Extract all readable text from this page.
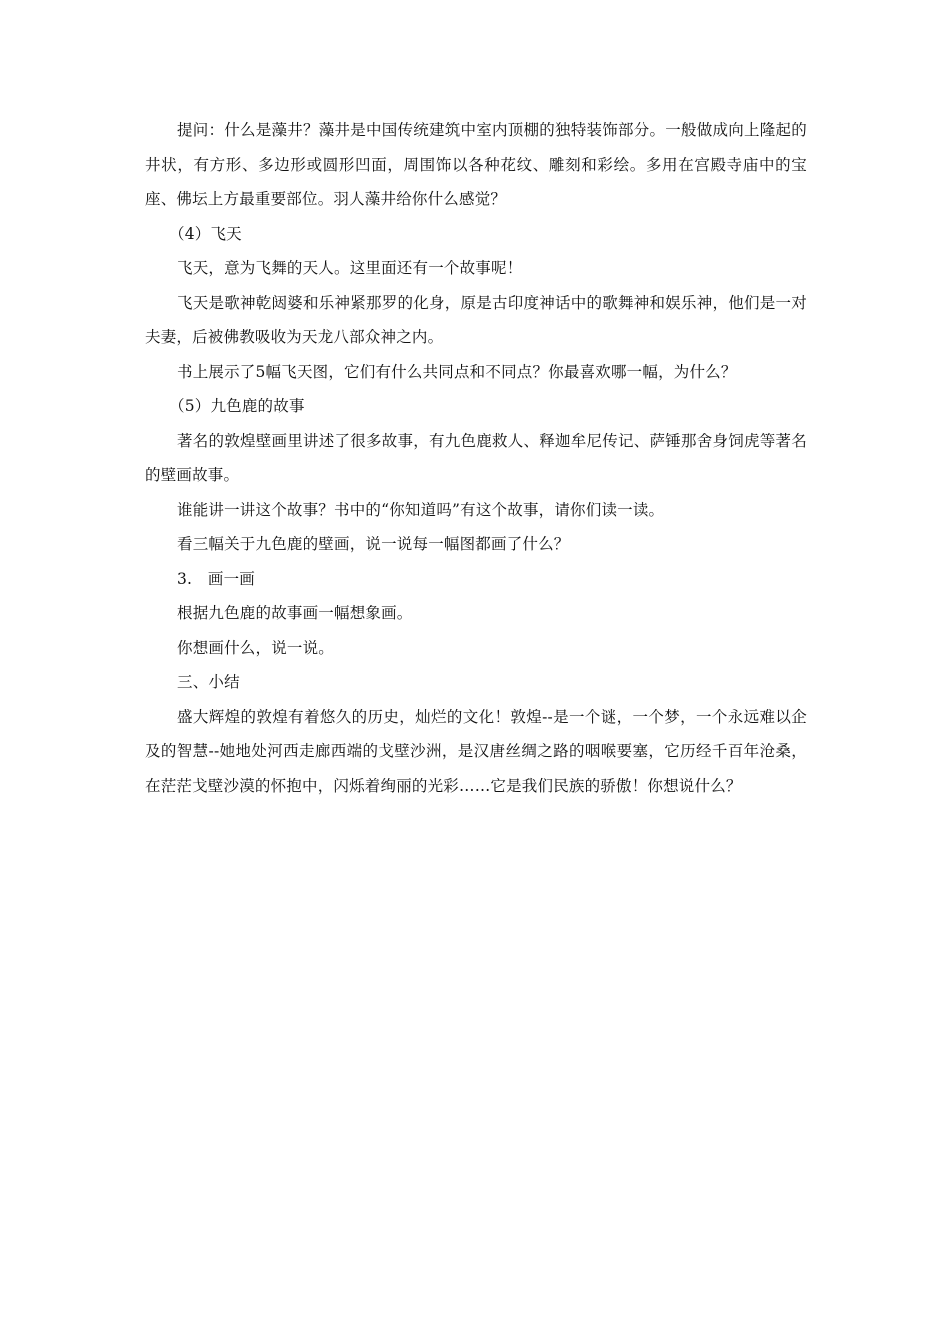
提问：什么是藻井？藻井是中国传统建筑中室内顶棚的独特装饰部分。一般做成向上隆起的井状，有方形、多边形或圆形凹面，周围饰以各种花纹、雕刻和彩绘。多用在宫殿寺庙中的宝座、佛坛上方最重要部位。羽人藻井给你什么感觉？

（4）飞天

飞天，意为飞舞的天人。这里面还有一个故事呢！

飞天是歌神乾闼婆和乐神紧那罗的化身，原是古印度神话中的歌舞神和娱乐神，他们是一对夫妻，后被佛教吸收为天龙八部众神之内。

书上展示了5幅飞天图，它们有什么共同点和不同点？你最喜欢哪一幅，为什么？

（5）九色鹿的故事

著名的敦煌壁画里讲述了很多故事，有九色鹿救人、释迦牟尼传记、萨锤那舍身饲虎等著名的壁画故事。

谁能讲一讲这个故事？书中的“你知道吗”有这个故事，请你们读一读。

看三幅关于九色鹿的壁画，说一说每一幅图都画了什么？

3.　画一画

根据九色鹿的故事画一幅想象画。

你想画什么，说一说。

三、小结

盛大辉煌的敦煌有着悠久的历史，灿烂的文化！敦煌--是一个谜，一个梦，一个永远难以企及的智慧--她地处河西走廊西端的戈壁沙洲，是汉唐丝绸之路的咽喉要塞，它历经千百年沧桑，在茫茫戈壁沙漠的怀抱中，闪烁着绚丽的光彩……它是我们民族的骄傲！你想说什么？
